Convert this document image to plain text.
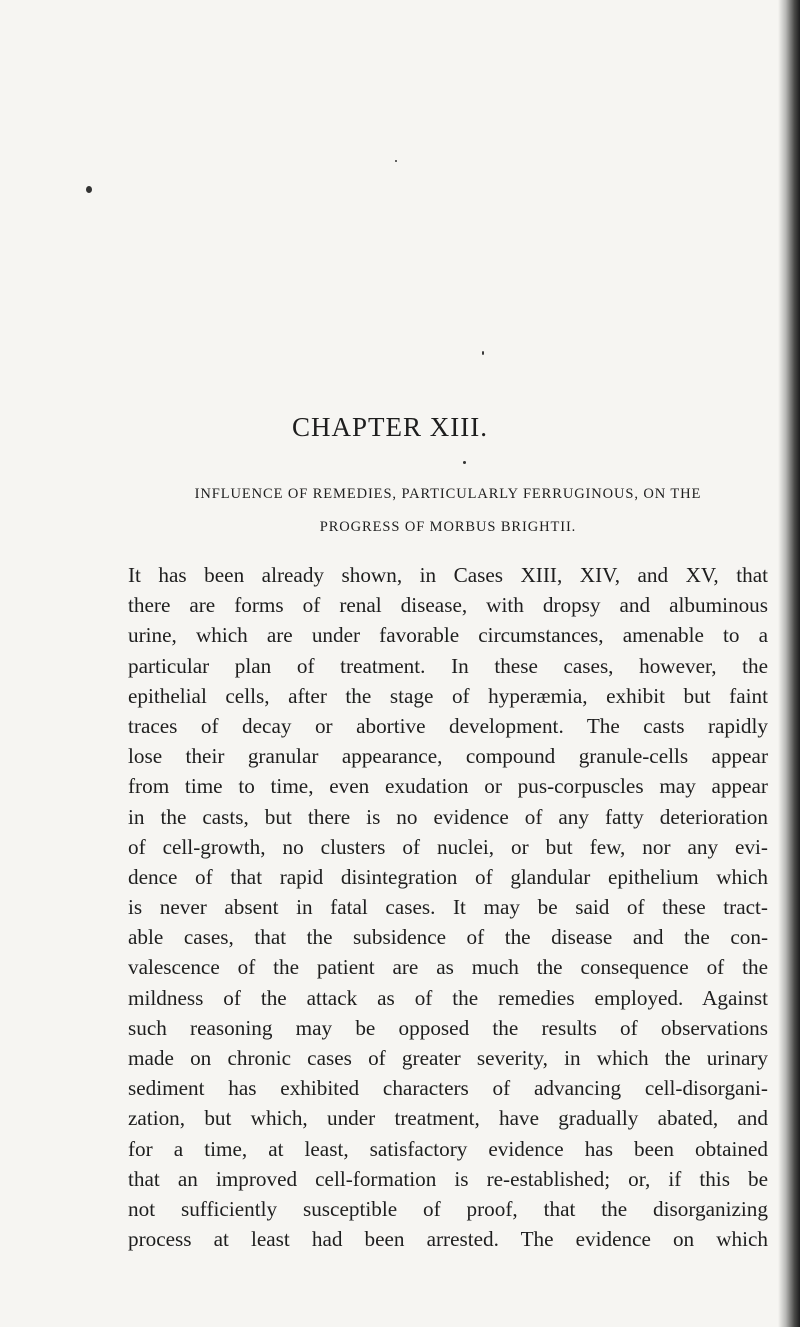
CHAPTER XIII.
INFLUENCE OF REMEDIES, PARTICULARLY FERRUGINOUS, ON THE
PROGRESS OF MORBUS BRIGHTII.
It has been already shown, in Cases XIII, XIV, and XV, that
there are forms of renal disease, with dropsy and albuminous
urine, which are under favorable circumstances, amenable to a
particular plan of treatment. In these cases, however, the
epithelial cells, after the stage of hyperæmia, exhibit but faint
traces of decay or abortive development. The casts rapidly
lose their granular appearance, compound granule-cells appear
from time to time, even exudation or pus-corpuscles may appear
in the casts, but there is no evidence of any fatty deterioration
of cell-growth, no clusters of nuclei, or but few, nor any evi-
dence of that rapid disintegration of glandular epithelium which
is never absent in fatal cases. It may be said of these tract-
able cases, that the subsidence of the disease and the con-
valescence of the patient are as much the consequence of the
mildness of the attack as of the remedies employed. Against
such reasoning may be opposed the results of observations
made on chronic cases of greater severity, in which the urinary
sediment has exhibited characters of advancing cell-disorgani-
zation, but which, under treatment, have gradually abated, and
for a time, at least, satisfactory evidence has been obtained
that an improved cell-formation is re-established; or, if this be
not sufficiently susceptible of proof, that the disorganizing
process at least had been arrested. The evidence on which
